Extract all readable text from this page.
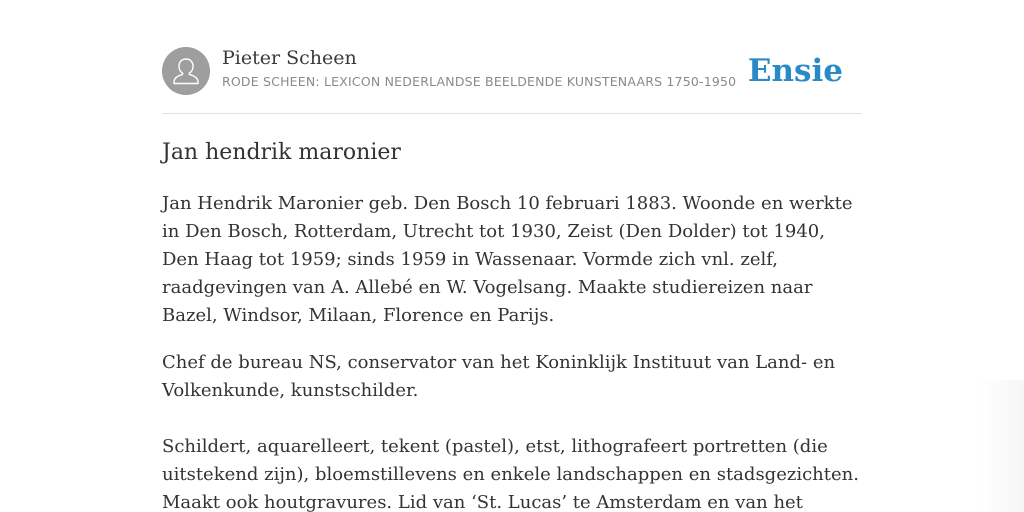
Pieter Scheen
RODE SCHEEN: LEXICON NEDERLANDSE BEELDENDE KUNSTENAARS 1750-1950 Ensie
Jan hendrik maronier

Jan Hendrik Maronier geb. Den Bosch 10 februari 1883. Woonde en werkte in Den Bosch, Rotterdam, Utrecht tot 1930, Zeist (Den Dolder) tot 1940, Den Haag tot 1959; sinds 1959 in Wassenaar. Vormde zich vnl. zelf, raadgevingen van A. Allebé en W. Vogelsang. Maakte studiereizen naar Bazel, Windsor, Milaan, Florence en Parijs.

Chef de bureau NS, conservator van het Koninklijk Instituut van Land- en Volkenkunde, kunstschilder.

Schildert, aquarelleert, tekent (pastel), etst, lithografeert portretten (die uitstekend zijn), bloemstillevens en enkele landschappen en stadsgezichten. Maakt ook houtgravures. Lid van ‘St. Lucas’ te Amsterdam en van het
